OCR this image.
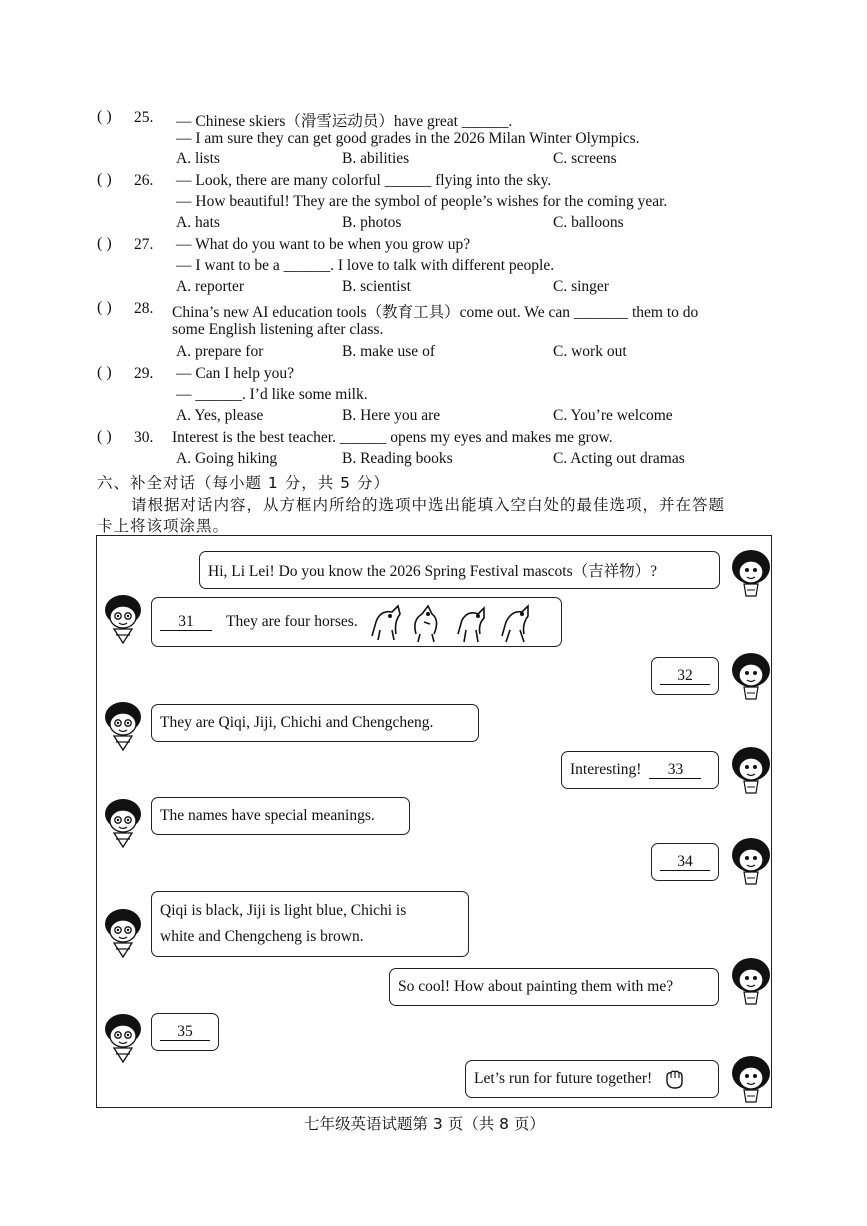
( ) 25. — Chinese skiers（滑雪运动员）have great ______.
— I am sure they can get good grades in the 2026 Milan Winter Olympics.
A. lists	B. abilities	C. screens
( ) 26. — Look, there are many colorful ______ flying into the sky.
— How beautiful! They are the symbol of people’s wishes for the coming year.
A. hats	B. photos	C. balloons
( ) 27. — What do you want to be when you grow up?
— I want to be a ______. I love to talk with different people.
A. reporter	B. scientist	C. singer
( ) 28. China’s new AI education tools（教育工具）come out. We can _______ them to do
some English listening after class.
A. prepare for	B. make use of	C. work out
( ) 29. — Can I help you?
— ______. I’d like some milk.
A. Yes, please	B. Here you are	C. You’re welcome
( ) 30. Interest is the best teacher. ______ opens my eyes and makes me grow.
A. Going hiking	B. Reading books	C. Acting out dramas
六、补全对话（每小题 1 分，共 5 分）
请根据对话内容，从方框内所给的选项中选出能填入空白处的最佳选项，并在答题
卡上将该项涂黑。
Hi, Li Lei! Do you know the 2026 Spring Festival mascots（吉祥物）?
31	They are four horses.
32
They are Qiqi, Jiji, Chichi and Chengcheng.
Interesting!	33
The names have special meanings.
34
Qiqi is black, Jiji is light blue, Chichi is
white and Chengcheng is brown.
So cool! How about painting them with me?
35
Let’s run for future together!
七年级英语试题第 3 页（共 8 页）
